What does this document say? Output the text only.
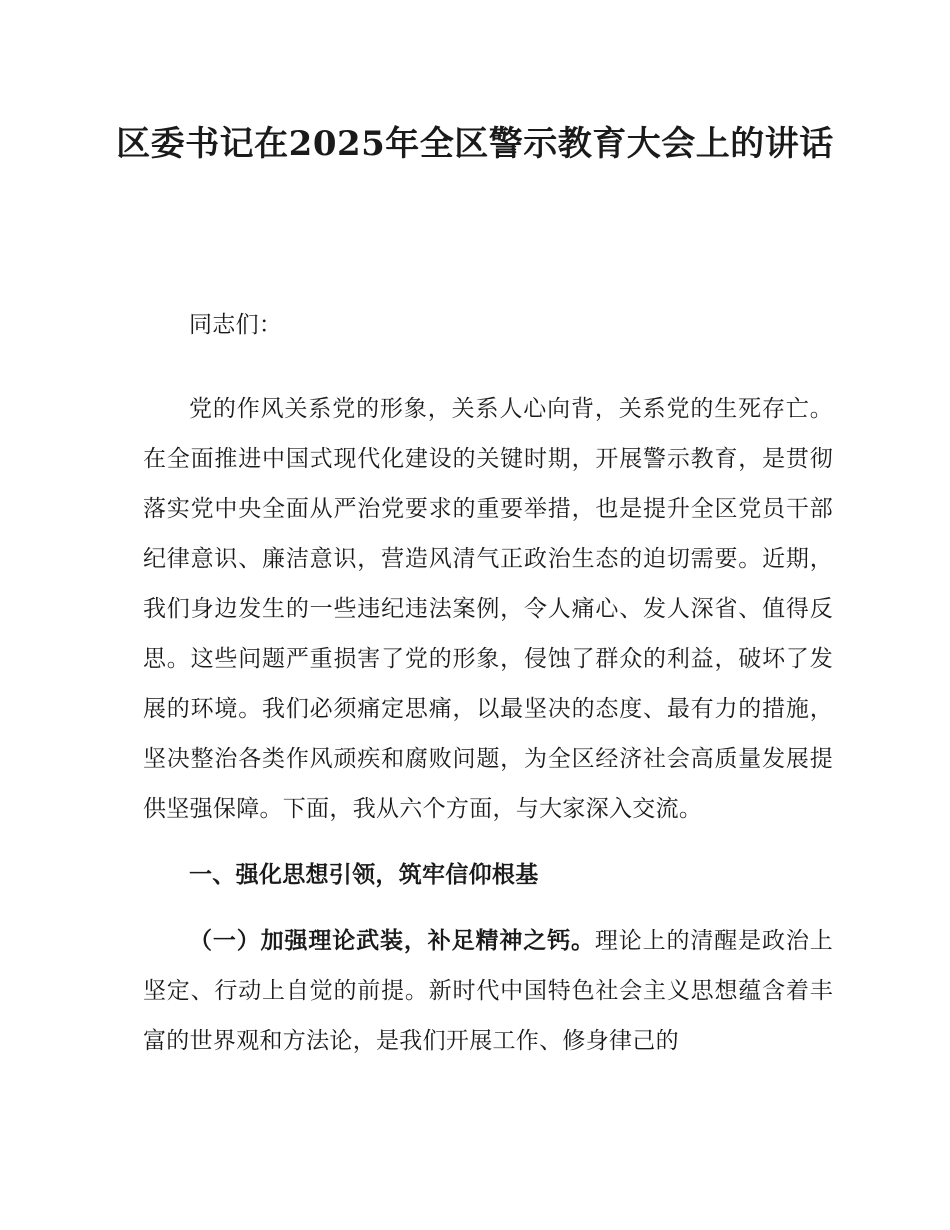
区委书记在2025年全区警示教育大会上的讲话

同志们：

党的作风关系党的形象，关系人心向背，关系党的生死存亡。在全面推进中国式现代化建设的关键时期，开展警示教育，是贯彻落实党中央全面从严治党要求的重要举措，也是提升全区党员干部纪律意识、廉洁意识，营造风清气正政治生态的迫切需要。近期，我们身边发生的一些违纪违法案例，令人痛心、发人深省、值得反思。这些问题严重损害了党的形象，侵蚀了群众的利益，破坏了发展的环境。我们必须痛定思痛，以最坚决的态度、最有力的措施，坚决整治各类作风顽疾和腐败问题，为全区经济社会高质量发展提供坚强保障。下面，我从六个方面，与大家深入交流。

一、强化思想引领，筑牢信仰根基

（一）加强理论武装，补足精神之钙。理论上的清醒是政治上坚定、行动上自觉的前提。新时代中国特色社会主义思想蕴含着丰富的世界观和方法论，是我们开展工作、修身律己的
